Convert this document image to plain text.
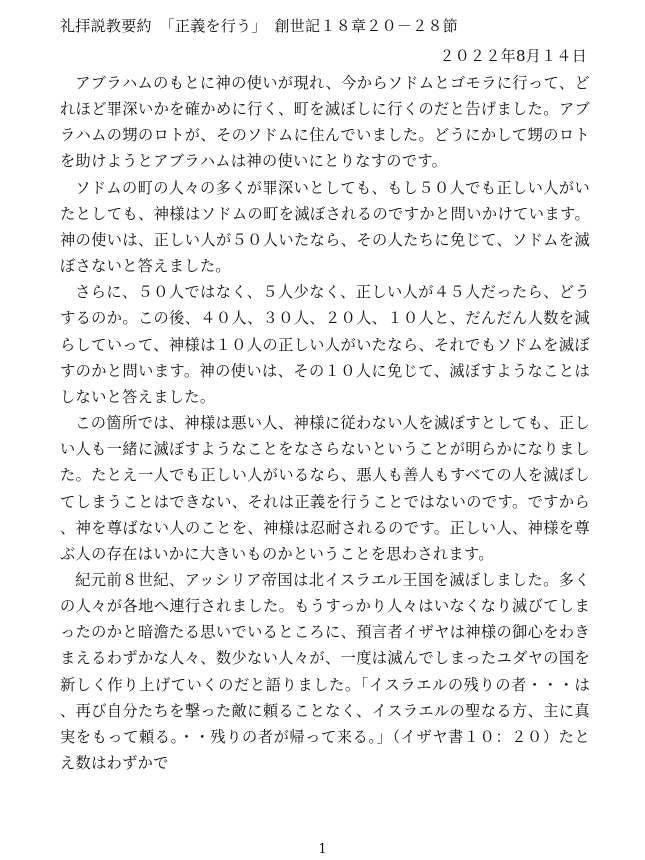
礼拝説教要約　「正義を行う」　創世記１８章２０－２８節
２０２２年8月１４日

アブラハムのもとに神の使いが現れ、今からソドムとゴモラに行って、どれほど罪深いかを確かめに行く、町を滅ぼしに行くのだと告げました。アブラハムの甥のロトが、そのソドムに住んでいました。どうにかして甥のロトを助けようとアブラハムは神の使いにとりなすのです。

ソドムの町の人々の多くが罪深いとしても、もし５０人でも正しい人がいたとしても、神様はソドムの町を滅ぼされるのですかと問いかけています。神の使いは、正しい人が５０人いたなら、その人たちに免じて、ソドムを滅ぼさないと答えました。

さらに、５０人ではなく、５人少なく、正しい人が４５人だったら、どうするのか。この後、４０人、３０人、２０人、１０人と、だんだん人数を減らしていって、神様は１０人の正しい人がいたなら、それでもソドムを滅ぼすのかと問います。神の使いは、その１０人に免じて、滅ぼすようなことはしないと答えました。

この箇所では、神様は悪い人、神様に従わない人を滅ぼすとしても、正しい人も一緒に滅ぼすようなことをなさらないということが明らかになりました。たとえ一人でも正しい人がいるなら、悪人も善人もすべての人を滅ぼしてしまうことはできない、それは正義を行うことではないのです。ですから、神を尊ばない人のことを、神様は忍耐されるのです。正しい人、神様を尊ぶ人の存在はいかに大きいものかということを思わされます。

紀元前８世紀、アッシリア帝国は北イスラエル王国を滅ぼしました。多くの人々が各地へ連行されました。もうすっかり人々はいなくなり滅びてしまったのかと暗澹たる思いでいるところに、預言者イザヤは神様の御心をわきまえるわずかな人々、数少ない人々が、一度は滅んでしまったユダヤの国を新しく作り上げていくのだと語りました。「イスラエルの残りの者・・・は、再び自分たちを撃った敵に頼ることなく、イスラエルの聖なる方、主に真実をもって頼る。・・残りの者が帰って来る。」（イザヤ書１０：２０）たとえ数はわずかで

1
